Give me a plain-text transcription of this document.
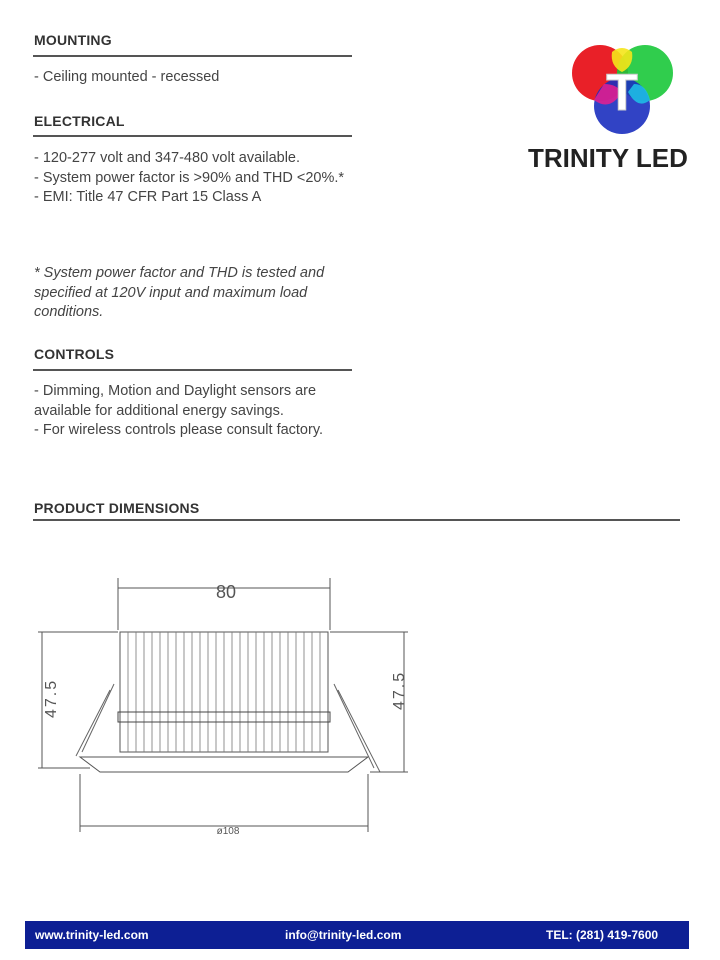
MOUNTING
- Ceiling mounted - recessed
ELECTRICAL
- 120-277 volt and 347-480 volt available.
- System power factor is >90% and THD <20%.*
- EMI: Title 47 CFR Part 15 Class A
* System power factor and THD is tested and specified at 120V input and maximum load conditions.
CONTROLS
- Dimming, Motion and Daylight sensors are available for additional energy savings.
- For wireless controls please consult factory.
PRODUCT DIMENSIONS
T
TRINITY LED
80
47.5	47.5
ø108
www.trinity-led.com	info@trinity-led.com	TEL: (281) 419-7600
